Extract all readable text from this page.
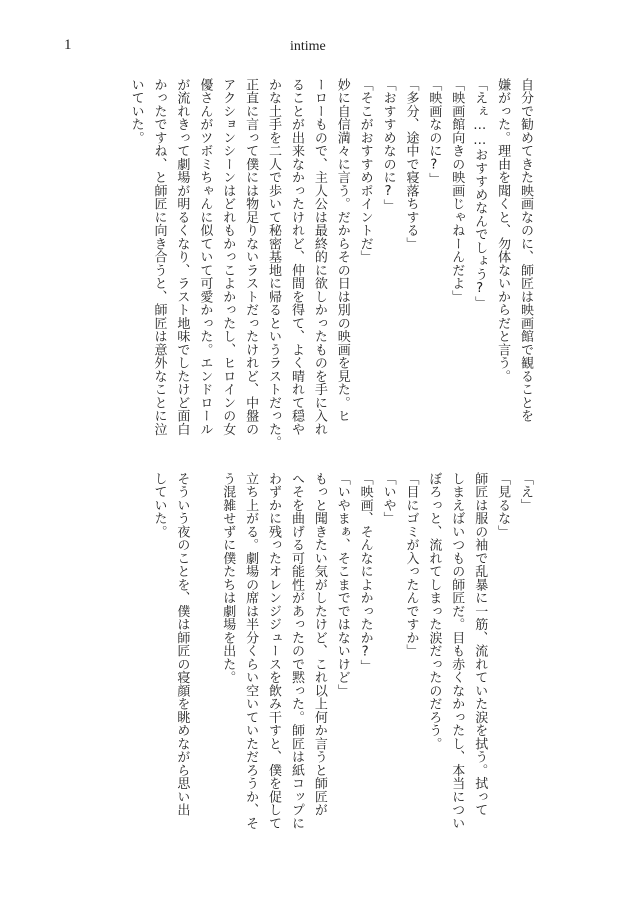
1	intime
自分で勧めてきた映画なのに、師匠は映画館で観ることを
嫌がった。理由を聞くと、勿体ないからだと言う。
「えぇ……おすすめなんでしょう?」
「映画館向きの映画じゃねーんだよ」
「映画なのに?」
「多分、途中で寝落ちする」
「おすすめなのに?」
「そこがおすすめポイントだ」
妙に自信満々に言う。だからその日は別の映画を見た。ヒ
ーローもので、主人公は最終的に欲しかったものを手に入れ
ることが出来なかったけれど、仲間を得て、よく晴れて穏や
かな土手を二人で歩いて秘密基地に帰るというラストだった。
正直に言って僕には物足りないラストだったけれど、中盤の
アクションシーンはどれもかっこよかったし、ヒロインの女
優さんがツボミちゃんに似ていて可愛かった。エンドロール
が流れきって劇場が明るくなり、ラスト地味でしたけど面白
かったですね、と師匠に向き合うと、師匠は意外なことに泣
いていた。
「え」
「見るな」
師匠は服の袖で乱暴に一筋、流れていた涙を拭う。拭って
しまえばいつもの師匠だ。目も赤くなかったし、本当につい
ぼろっと、流れてしまった涙だったのだろう。
「目にゴミが入ったんですか」
「いや」
「映画、そんなによかったか?」
「いやまぁ、そこまでではないけど」
もっと聞きたい気がしたけど、これ以上何か言うと師匠が
へそを曲げる可能性があったので黙った。師匠は紙コップに
わずかに残ったオレンジジュースを飲み干すと、僕を促して
立ち上がる。劇場の席は半分くらい空いていただろうか、そ
う混雑せずに僕たちは劇場を出た。

そういう夜のことを、僕は師匠の寝顔を眺めながら思い出
していた。
